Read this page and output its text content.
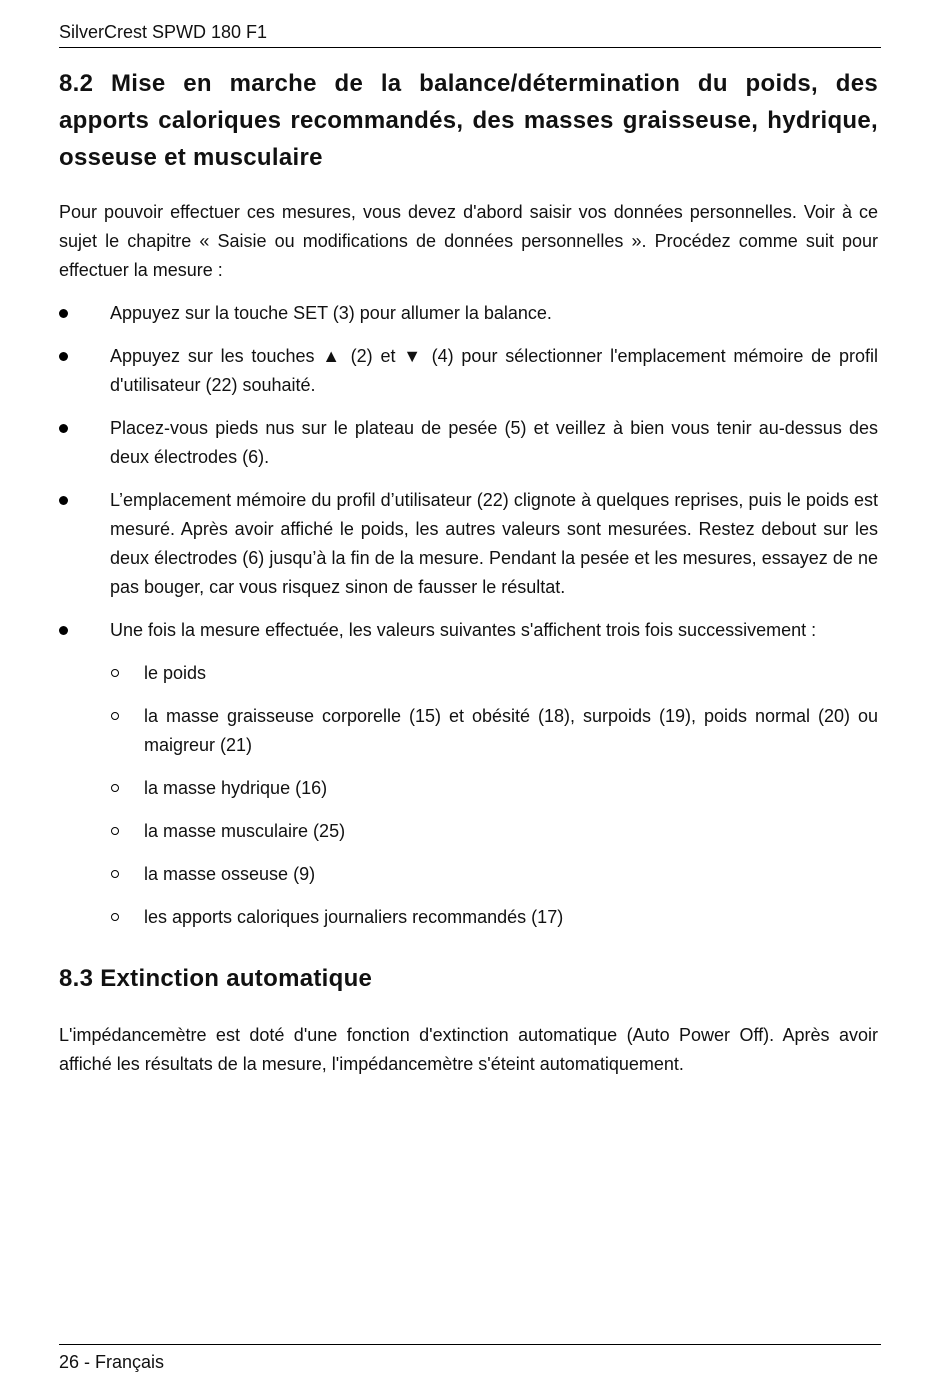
SilverCrest SPWD 180 F1
8.2 Mise en marche de la balance/détermination du poids, des apports caloriques recommandés, des masses graisseuse, hydrique, osseuse et musculaire

Pour pouvoir effectuer ces mesures, vous devez d'abord saisir vos données personnelles. Voir à ce sujet le chapitre « Saisie ou modifications de données personnelles ». Procédez comme suit pour effectuer la mesure :

Appuyez sur la touche SET (3) pour allumer la balance.
Appuyez sur les touches ▲ (2) et ▼ (4) pour sélectionner l'emplacement mémoire de profil d'utilisateur (22) souhaité.
Placez-vous pieds nus sur le plateau de pesée (5) et veillez à bien vous tenir au-dessus des deux électrodes (6).
L’emplacement mémoire du profil d’utilisateur (22) clignote à quelques reprises, puis le poids est mesuré. Après avoir affiché le poids, les autres valeurs sont mesurées. Restez debout sur les deux électrodes (6) jusqu’à la fin de la mesure. Pendant la pesée et les mesures, essayez de ne pas bouger, car vous risquez sinon de fausser le résultat.
Une fois la mesure effectuée, les valeurs suivantes s'affichent trois fois successivement :
le poids
la masse graisseuse corporelle (15) et obésité (18), surpoids (19), poids normal (20) ou maigreur (21)
la masse hydrique (16)
la masse musculaire (25)
la masse osseuse (9)
les apports caloriques journaliers recommandés (17)
8.3 Extinction automatique

L'impédancemètre est doté d'une fonction d'extinction automatique (Auto Power Off). Après avoir affiché les résultats de la mesure, l'impédancemètre s'éteint automatiquement.

26 - Français
